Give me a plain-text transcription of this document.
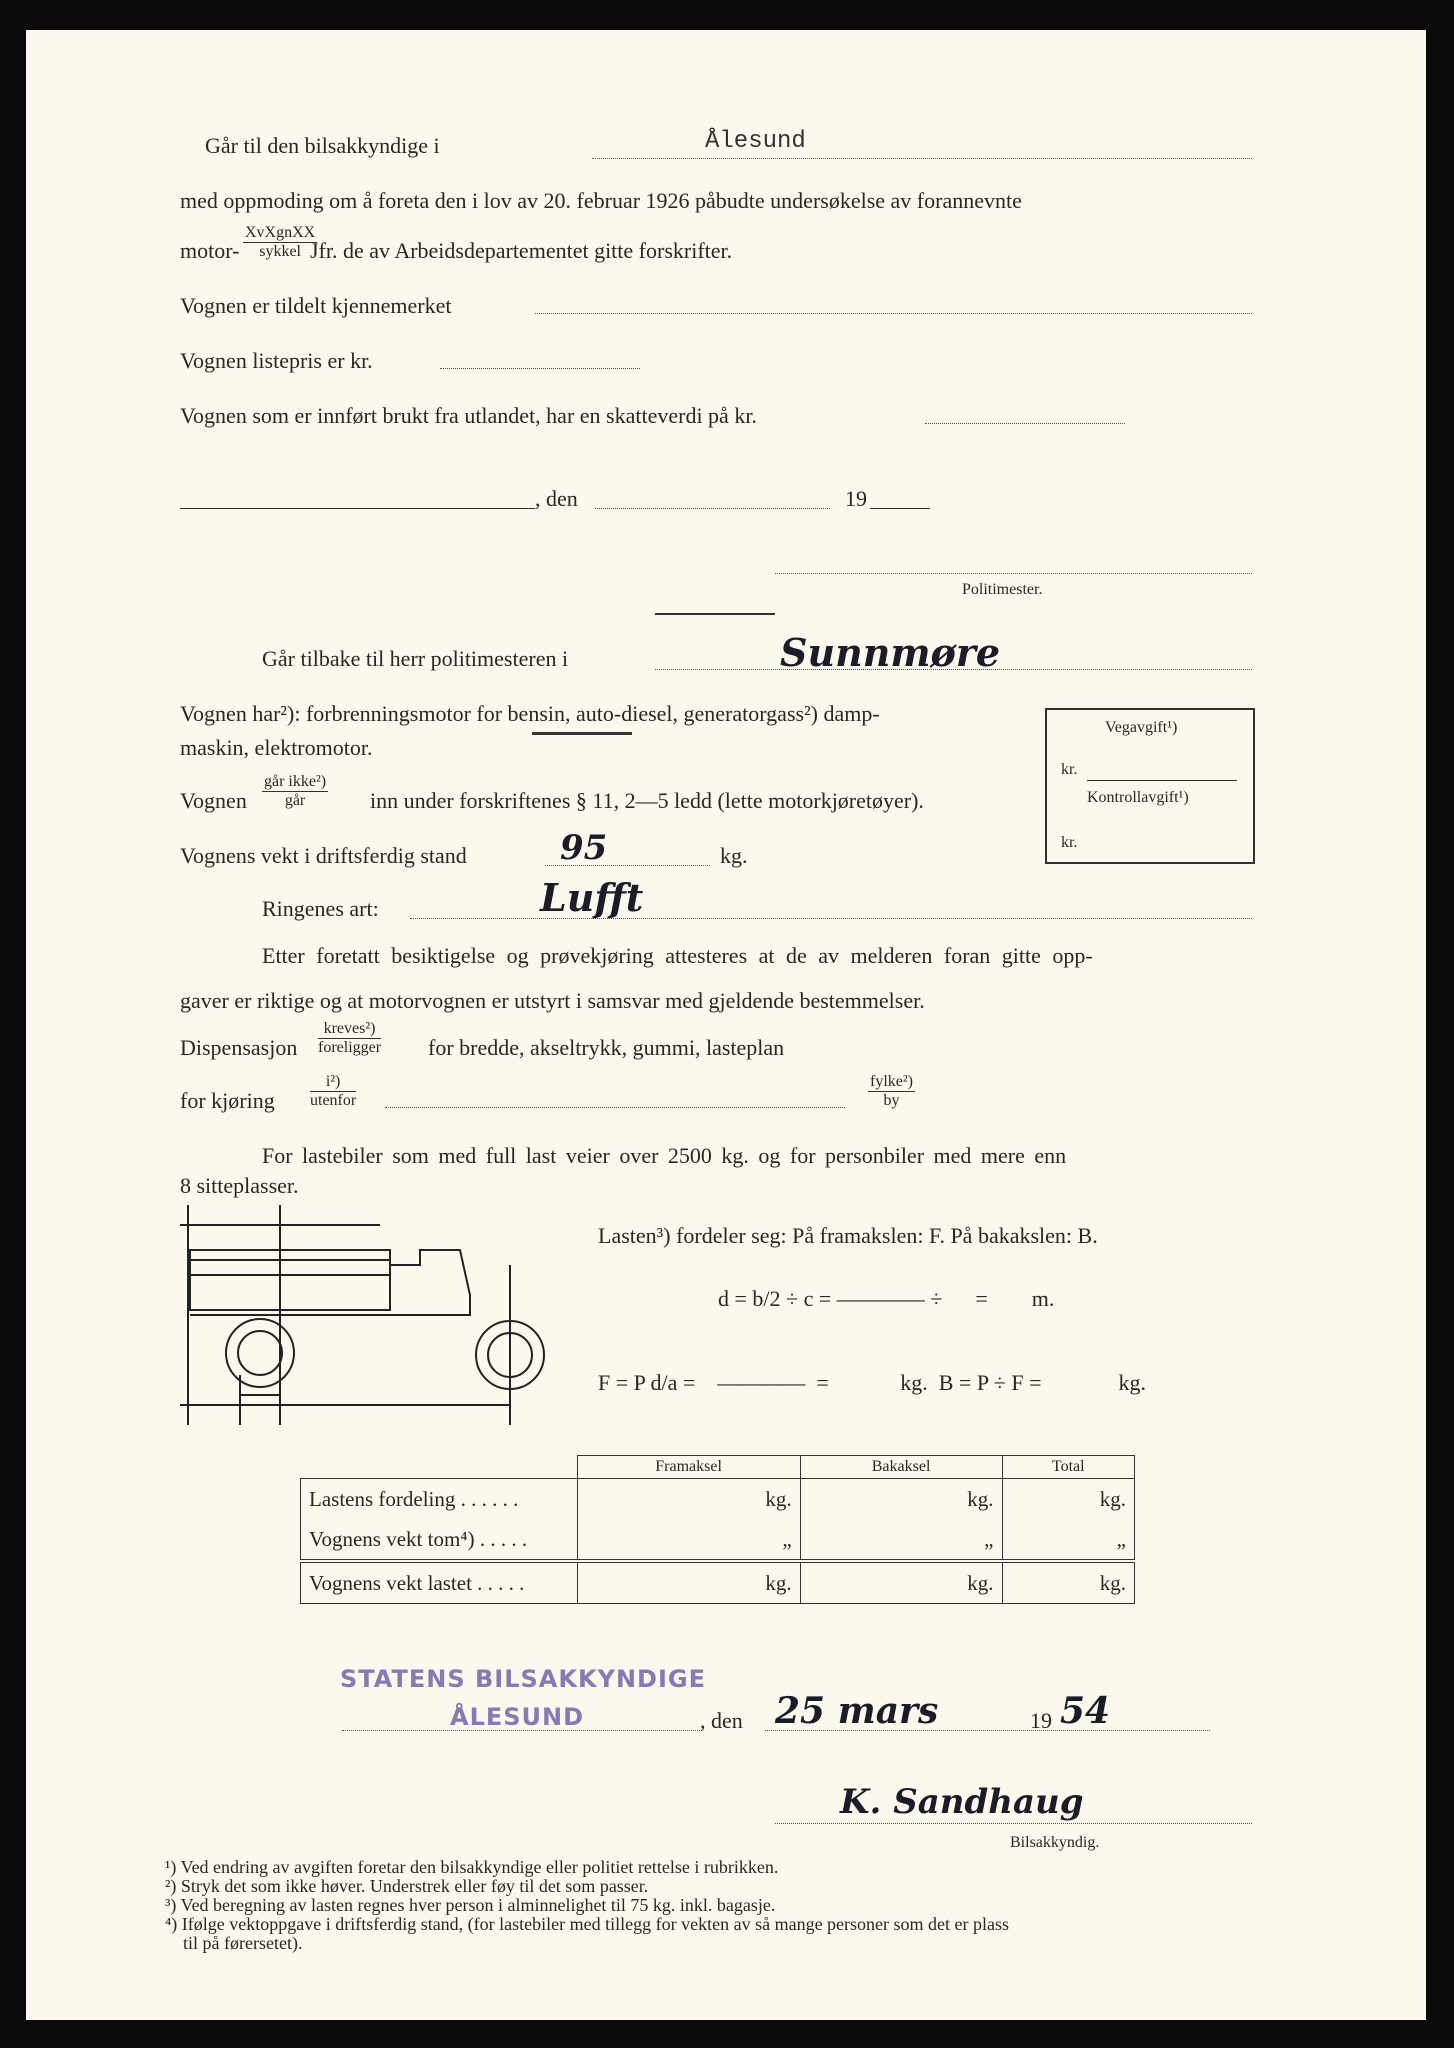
Går til den bilsakkyndige i	Ålesund
med oppmoding om å foreta den i lov av 20. februar 1926 påbudte undersøkelse av forannevnte
motor-
XvXgnXX
sykkel Jfr. de av Arbeidsdepartementet gitte forskrifter.
Vognen er tildelt kjennemerket
Vognen listepris er kr.
Vognen som er innført brukt fra utlandet, har en skatteverdi på kr.
, den	19
Politimester.
Går tilbake til herr politimesteren i	Sunnmøre
Vognen har²): forbrenningsmotor for bensin, auto-diesel, generatorgass²) damp-
maskin, elektromotor.
Vognen
går ikke²)
går	inn under forskriftenes § 11, 2—5 ledd (lette motorkjøretøyer).
Vognens vekt i driftsferdig stand	95	kg.
Vegavgift¹)
kr.
Kontrollavgift¹)
kr.
Ringenes art:	Lufft
Etter foretatt besiktigelse og prøvekjøring attesteres at de av melderen foran gitte opp-
gaver er riktige og at motorvognen er utstyrt i samsvar med gjeldende bestemmelser.
Dispensasjon
kreves²)
foreligger for bredde, akseltrykk, gummi, lasteplan
for kjøring
i²)
utenfor
fylke²)
by
For lastebiler som med full last veier over 2500 kg. og for personbiler med mere enn
8 sitteplasser.
Lasten³) fordeler seg: På framakslen: F. På bakakslen: B.
d = b/2 ÷ c = ———— ÷      =        m.
F = P d/a =    ————  =             kg.  B = P ÷ F =              kg.
	Framaksel	Bakaksel	Total
Lastens fordeling . . . . . .	kg.	kg.	kg.
Vognens vekt tom⁴) . . . . .	„	„	„
Vognens vekt lastet . . . . .	kg.	kg.	kg.
STATENS BILSAKKYNDIGE
ÅLESUND	, den 25 mars	19 54
K. Sandhaug
Bilsakkyndig.
¹) Ved endring av avgiften foretar den bilsakkyndige eller politiet rettelse i rubrikken.
²) Stryk det som ikke høver. Understrek eller føy til det som passer.
³) Ved beregning av lasten regnes hver person i alminnelighet til 75 kg. inkl. bagasje.
⁴) Ifølge vektoppgave i driftsferdig stand, (for lastebiler med tillegg for vekten av så mange personer som det er plass
til på førersetet).
